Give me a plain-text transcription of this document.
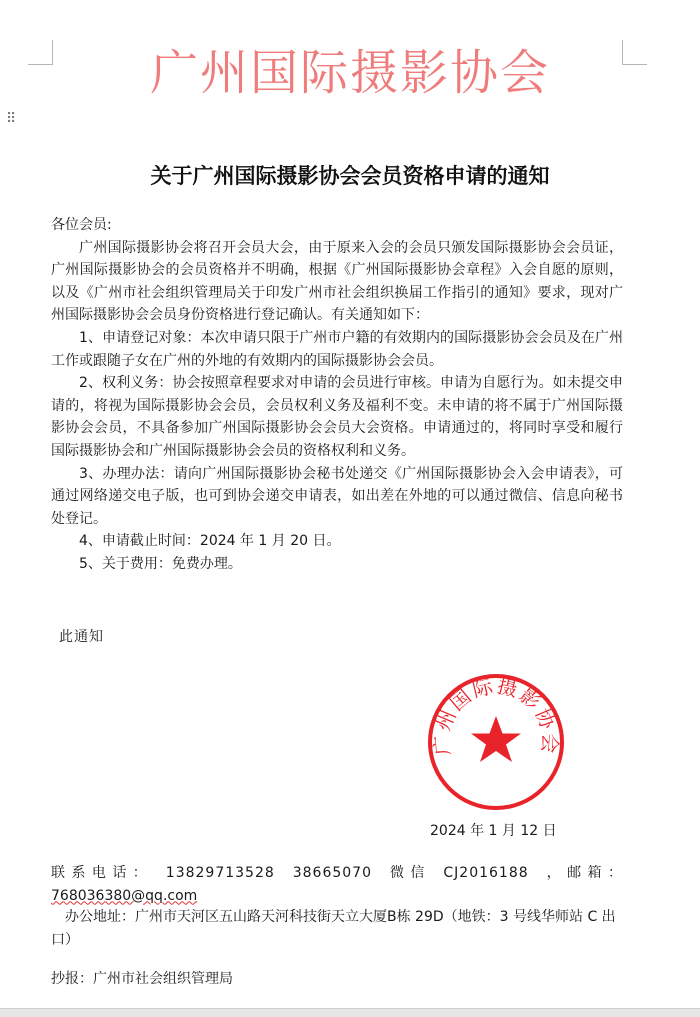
⠿
广州国际摄影协会
关于广州国际摄影协会会员资格申请的通知

各位会员:

广州国际摄影协会将召开会员大会，由于原来入会的会员只颁发国际摄影协会会员证，广州国际摄影协会的会员资格并不明确，根据《广州国际摄影协会章程》入会自愿的原则，以及《广州市社会组织管理局关于印发广州市社会组织换届工作指引的通知》要求，现对广州国际摄影协会会员身份资格进行登记确认。有关通知如下：

1、申请登记对象：本次申请只限于广州市户籍的有效期内的国际摄影协会会员及在广州工作或跟随子女在广州的外地的有效期内的国际摄影协会会员。

2、权利义务：协会按照章程要求对申请的会员进行审核。申请为自愿行为。如未提交申请的，将视为国际摄影协会会员，会员权利义务及福利不变。未申请的将不属于广州国际摄影协会会员，不具备参加广州国际摄影协会会员大会资格。申请通过的，将同时享受和履行国际摄影协会和广州国际摄影协会会员的资格权利和义务。

3、办理办法：请向广州国际摄影协会秘书处递交《广州国际摄影协会入会申请表》，可通过网络递交电子版，也可到协会递交申请表，如出差在外地的可以通过微信、信息向秘书处登记。

4、申请截止时间：2024 年 1 月 20 日。

5、关于费用：免费办理。

此通知
广州国际摄影协会
2024 年 1 月 12 日
联 系 电 话 ： 13829713528 38665070 微 信 CJ2016188 ， 邮 箱 ：
768036380@qq.com

办公地址：广州市天河区五山路天河科技街天立大厦B栋 29D（地铁：3 号线华师站 C 出口）

抄报：广州市社会组织管理局
